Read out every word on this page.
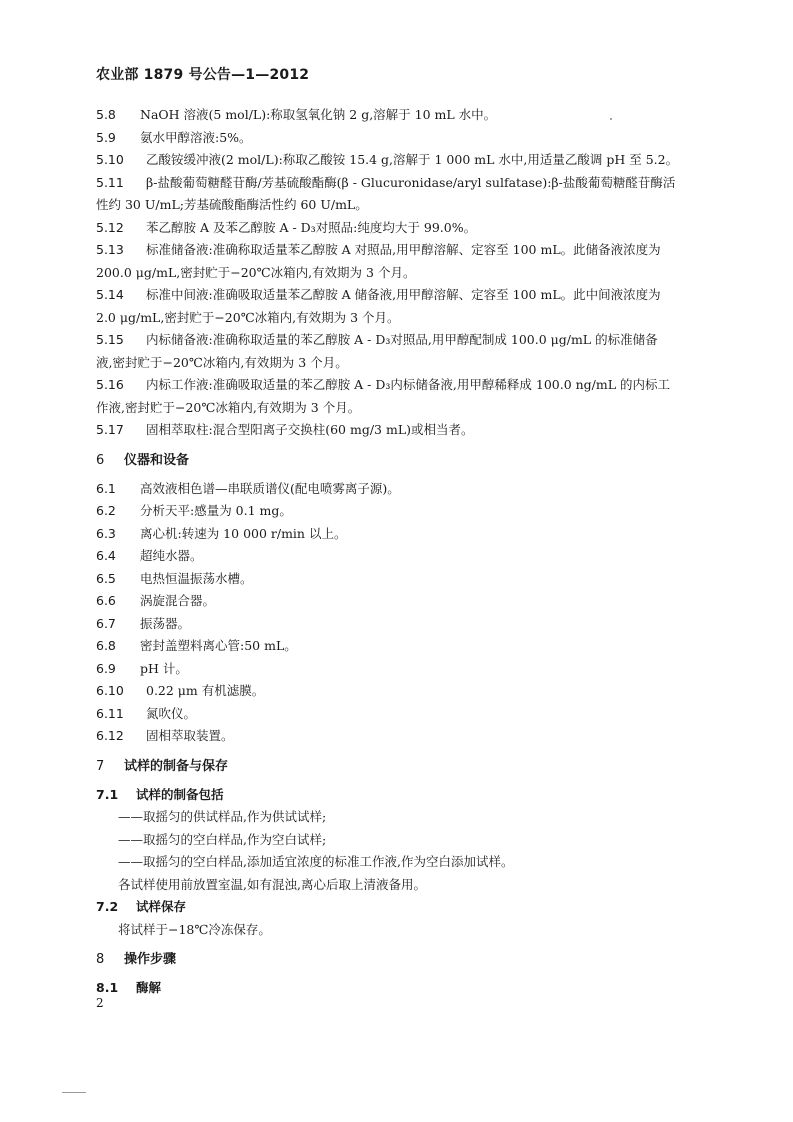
农业部 1879 号公告—1—2012
5.8 NaOH 溶液(5 mol/L):称取氢氧化钠 2 g,溶解于 10 mL 水中。
5.9 氨水甲醇溶液:5%。
5.10 乙酸铵缓冲液(2 mol/L):称取乙酸铵 15.4 g,溶解于 1 000 mL 水中,用适量乙酸调 pH 至 5.2。
5.11 β-盐酸葡萄糖醛苷酶/芳基硫酸酯酶(β - Glucuronidase/aryl sulfatase):β-盐酸葡萄糖醛苷酶活
性约 30 U/mL;芳基硫酸酯酶活性约 60 U/mL。
5.12 苯乙醇胺 A 及苯乙醇胺 A - D₃对照品:纯度均大于 99.0%。
5.13 标准储备液:准确称取适量苯乙醇胺 A 对照品,用甲醇溶解、定容至 100 mL。此储备液浓度为
200.0 μg/mL,密封贮于−20℃冰箱内,有效期为 3 个月。
5.14 标准中间液:准确吸取适量苯乙醇胺 A 储备液,用甲醇溶解、定容至 100 mL。此中间液浓度为
2.0 μg/mL,密封贮于−20℃冰箱内,有效期为 3 个月。
5.15 内标储备液:准确称取适量的苯乙醇胺 A - D₃对照品,用甲醇配制成 100.0 μg/mL 的标准储备
液,密封贮于−20℃冰箱内,有效期为 3 个月。
5.16 内标工作液:准确吸取适量的苯乙醇胺 A - D₃内标储备液,用甲醇稀释成 100.0 ng/mL 的内标工
作液,密封贮于−20℃冰箱内,有效期为 3 个月。
5.17 固相萃取柱:混合型阳离子交换柱(60 mg/3 mL)或相当者。
6 仪器和设备
6.1 高效液相色谱—串联质谱仪(配电喷雾离子源)。
6.2 分析天平:感量为 0.1 mg。
6.3 离心机:转速为 10 000 r/min 以上。
6.4 超纯水器。
6.5 电热恒温振荡水槽。
6.6 涡旋混合器。
6.7 振荡器。
6.8 密封盖塑料离心管:50 mL。
6.9 pH 计。
6.10 0.22 μm 有机滤膜。
6.11 氮吹仪。
6.12 固相萃取装置。
7 试样的制备与保存
7.1 试样的制备包括
——取摇匀的供试样品,作为供试试样;
——取摇匀的空白样品,作为空白试样;
——取摇匀的空白样品,添加适宜浓度的标准工作液,作为空白添加试样。
各试样使用前放置室温,如有混浊,离心后取上清液备用。
7.2 试样保存
将试样于−18℃冷冻保存。
8 操作步骤
8.1 酶解
2
